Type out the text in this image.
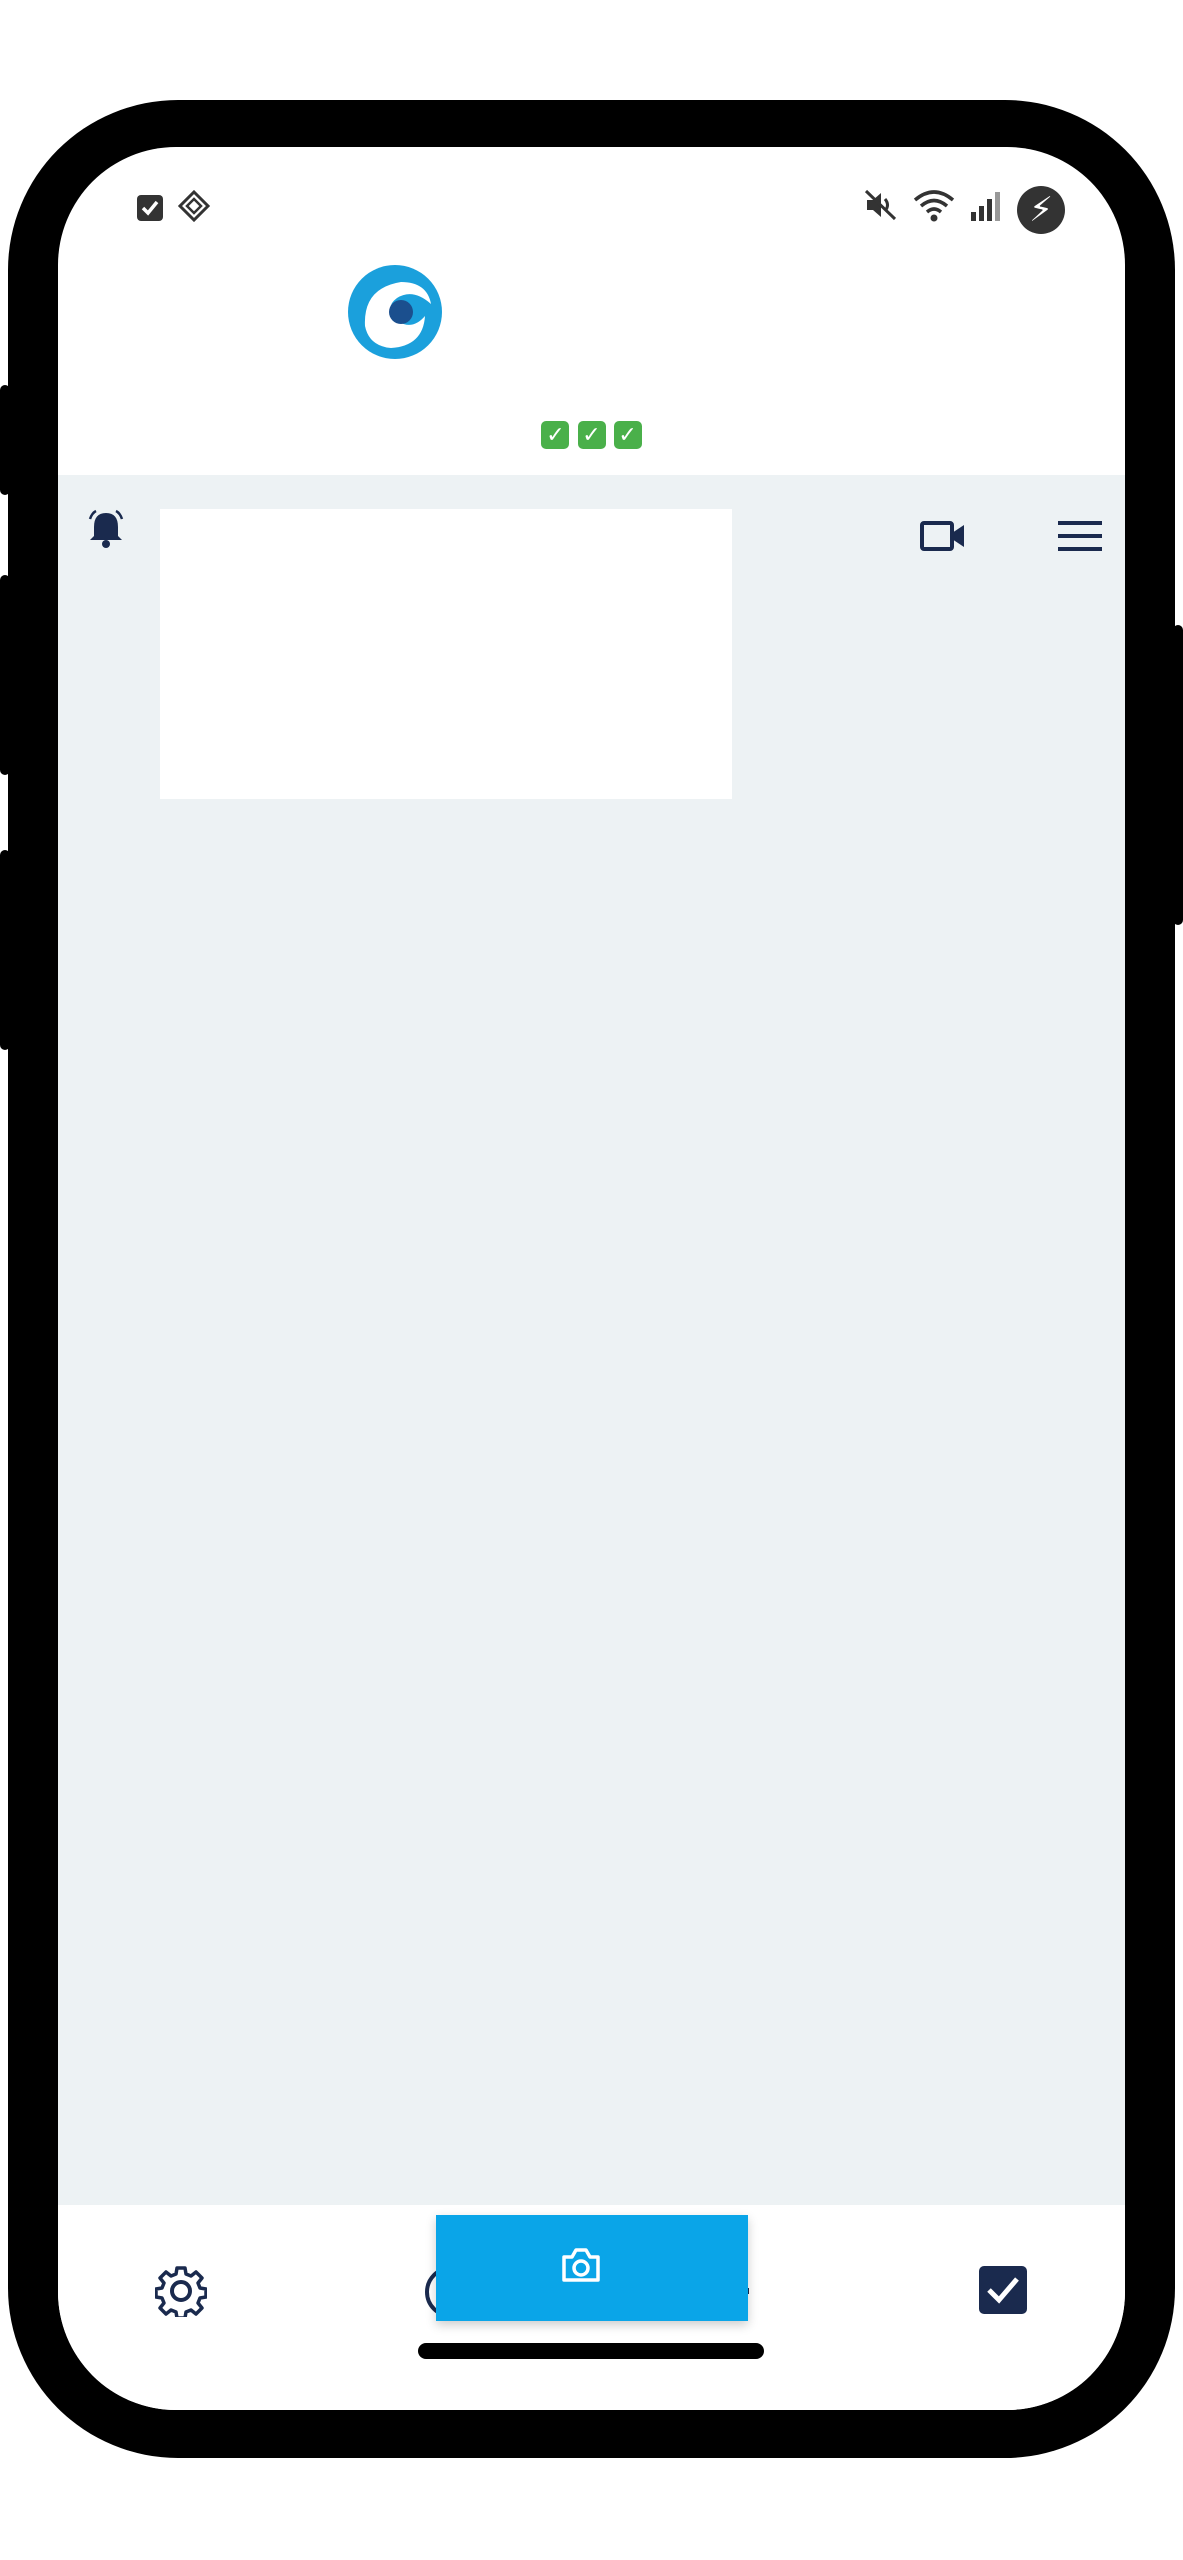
⚡
✓ ✓ ✓
